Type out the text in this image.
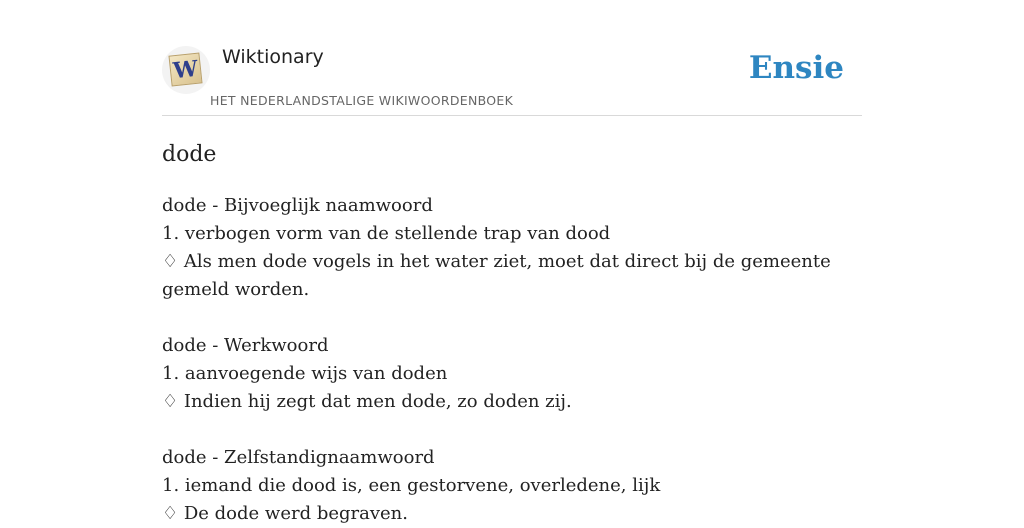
W Wiktionary
HET NEDERLANDSTALIGE WIKIWOORDENBOEK
Ensie
dode
dode - Bijvoeglijk naamwoord
1. verbogen vorm van de stellende trap van dood
♢ Als men dode vogels in het water ziet, moet dat direct bij de gemeente gemeld worden.
dode - Werkwoord
1. aanvoegende wijs van doden
♢ Indien hij zegt dat men dode, zo doden zij.
dode - Zelfstandignaamwoord
1. iemand die dood is, een gestorvene, overledene, lijk
♢ De dode werd begraven.
